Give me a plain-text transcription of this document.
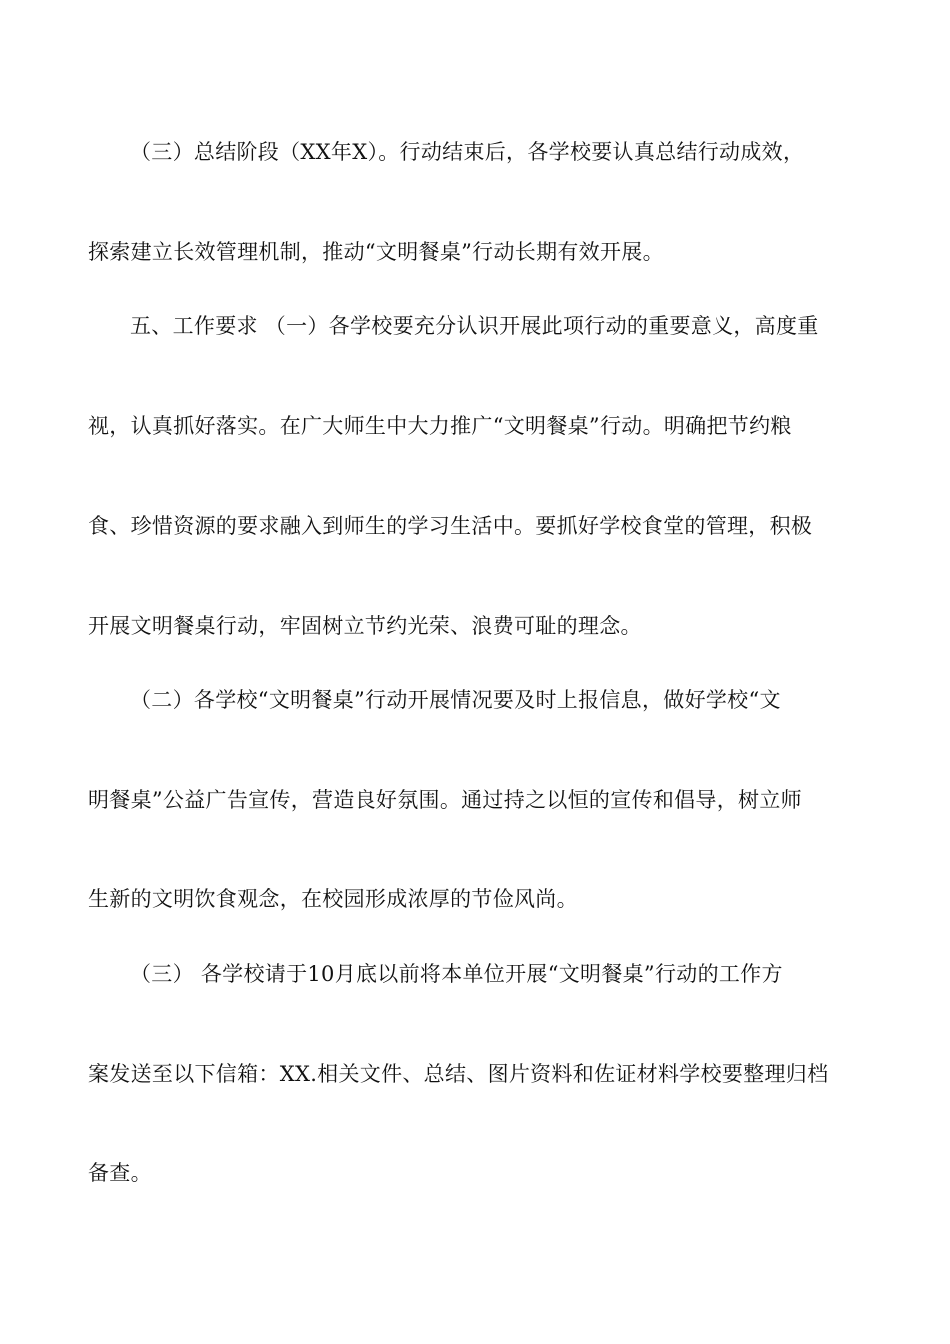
（三）总结阶段（XX年X）。行动结束后，各学校要认真总结行动成效，
探索建立长效管理机制，推动“文明餐桌”行动长期有效开展。
五、工作要求 （一）各学校要充分认识开展此项行动的重要意义，高度重
视，认真抓好落实。在广大师生中大力推广“文明餐桌”行动。明确把节约粮
食、珍惜资源的要求融入到师生的学习生活中。要抓好学校食堂的管理，积极
开展文明餐桌行动，牢固树立节约光荣、浪费可耻的理念。
（二）各学校“文明餐桌”行动开展情况要及时上报信息，做好学校“文
明餐桌”公益广告宣传，营造良好氛围。通过持之以恒的宣传和倡导，树立师
生新的文明饮食观念，在校园形成浓厚的节俭风尚。
（三） 各学校请于10月底以前将本单位开展“文明餐桌”行动的工作方
案发送至以下信箱：XX.相关文件、总结、图片资料和佐证材料学校要整理归档
备查。
